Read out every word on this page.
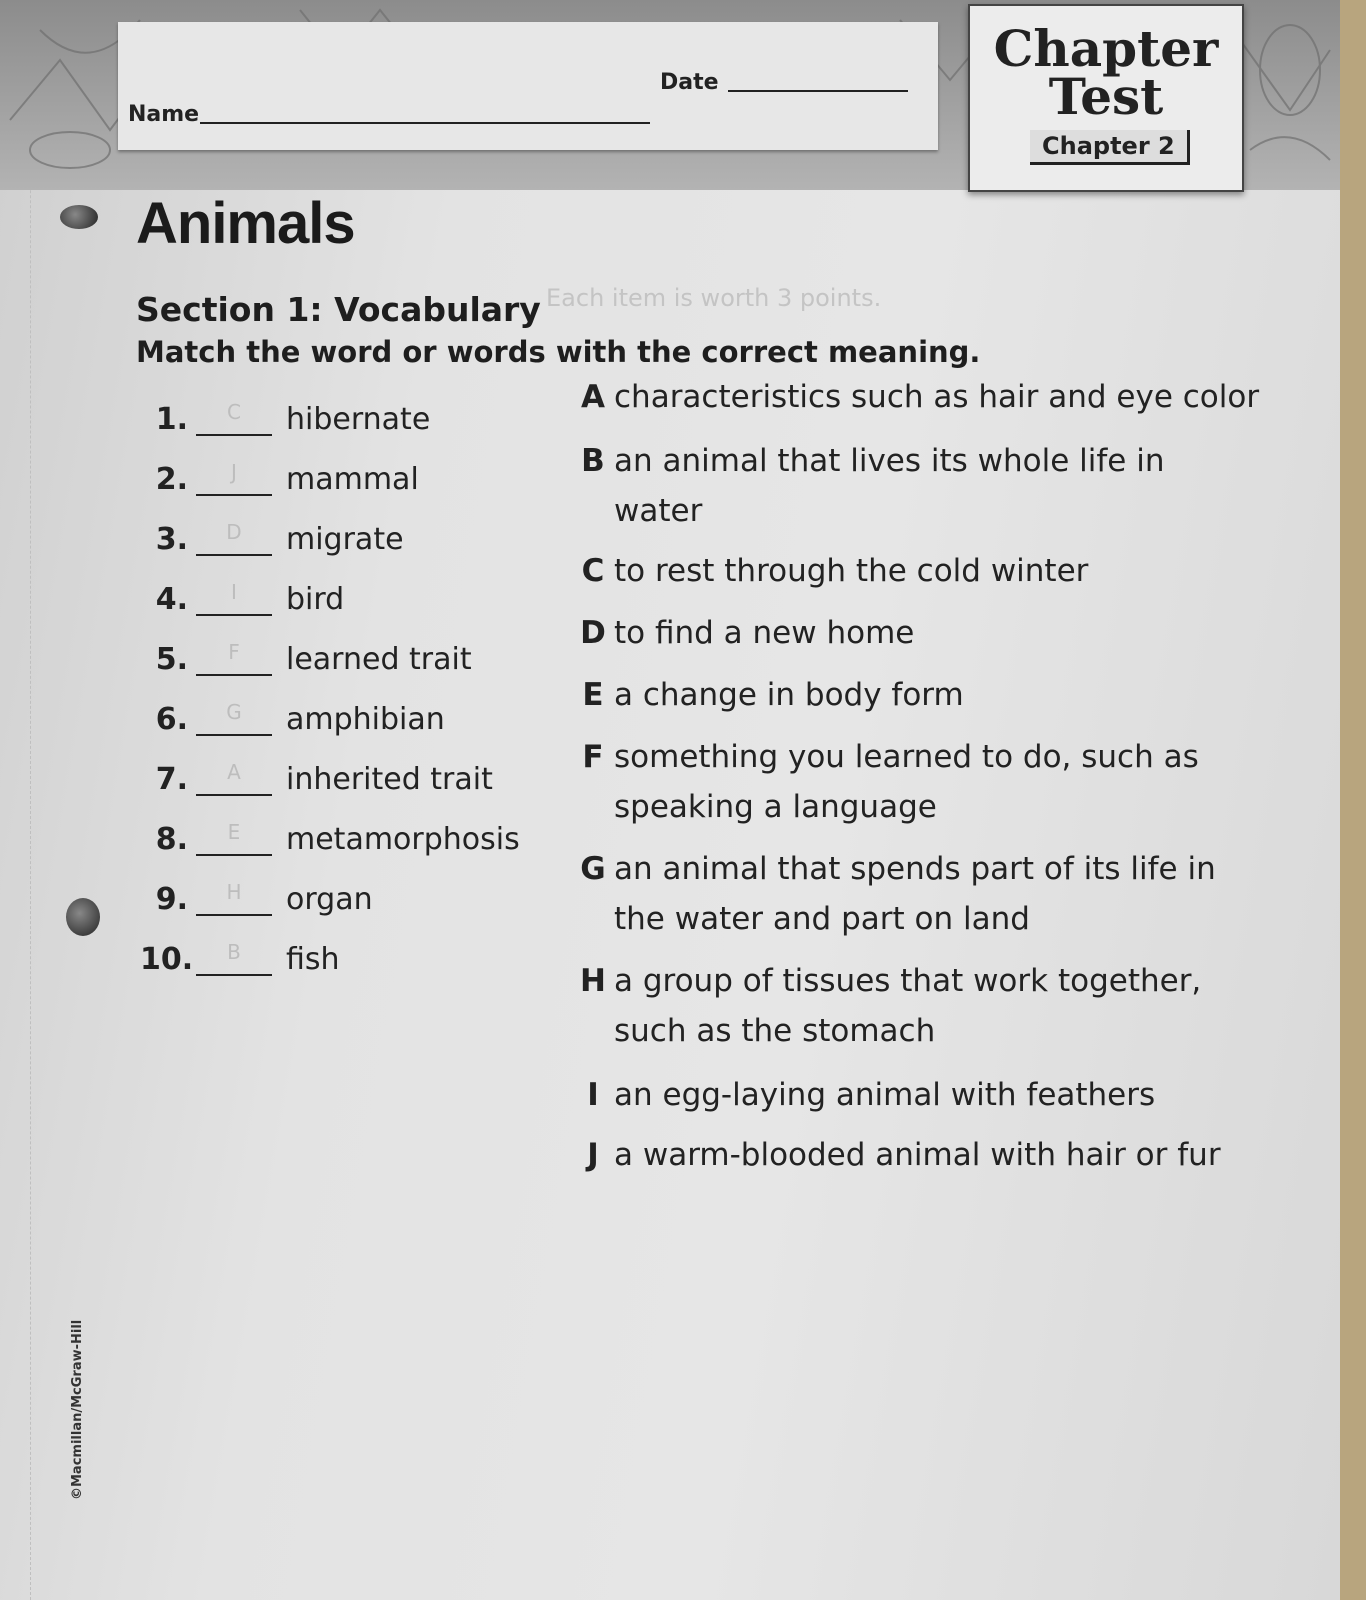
Name
Date
Chapter
Test
Chapter 2
Animals
Section 1: Vocabulary Each item is worth 3 points.
Match the word or words with the correct meaning.
1.	C	hibernate
2.	J	mammal
3.	D	migrate
4.	I	bird
5.	F	learned trait
6.	G	amphibian
7.	A	inherited trait
8.	E	metamorphosis
9.	H	organ
10.	B	fish
A characteristics such as hair and eye color
B an animal that lives its whole life in water
C to rest through the cold winter
D to find a new home
E a change in body form
F something you learned to do, such as speaking a language
G an animal that spends part of its life in the water and part on land
H a group of tissues that work together, such as the stomach
I an egg-laying animal with feathers
J a warm-blooded animal with hair or fur
©Macmillan/McGraw-Hill
